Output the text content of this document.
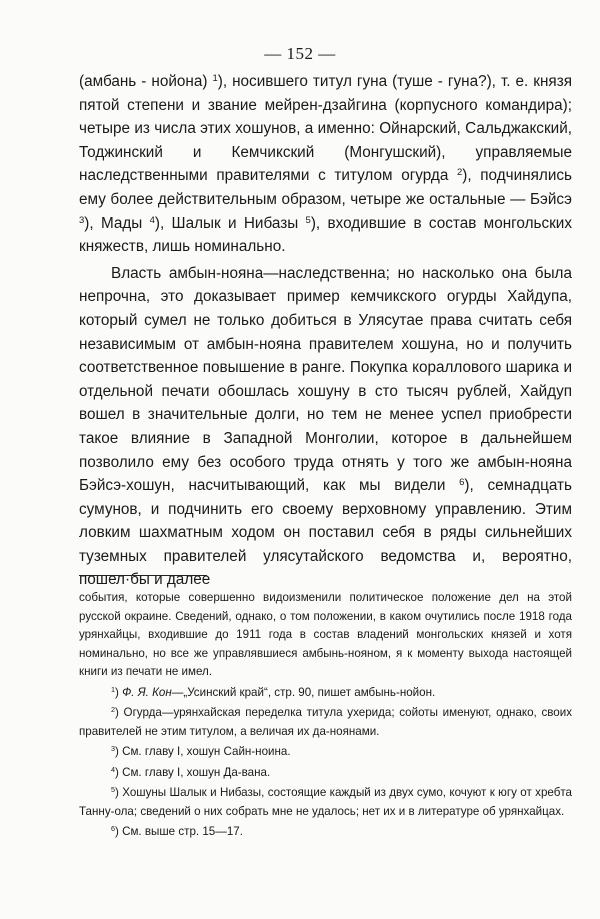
— 152 —

(амбань - нойона) $^1$), носившего титул гуна (туше - гуна?), т. е. князя пятой степени и звание мейрен-дзайгина (корпусного командира); четыре из числа этих хошунов, а именно: Ойнарский, Сальджакский, Тоджинский и Кемчикский (Монгушский), управляемые наследственными правителями с титулом огурда $^2$), подчинялись ему более действительным образом, четыре же остальные — Бэйсэ $^3$), Мады $^4$), Шалык и Нибазы $^5$), входившие в состав монгольских княжеств, лишь номинально.

Власть амбын-нояна—наследственна; но насколько она была непрочна, это доказывает пример кемчикского огурды Хайдупа, который сумел не только добиться в Улясутае права считать себя независимым от амбын-нояна правителем хошуна, но и получить соответственное повышение в ранге. Покупка кораллового шарика и отдельной печати обошлась хошуну в сто тысяч рублей, Хайдуп вошел в значительные долги, но тем не менее успел приобрести такое влияние в Западной Монголии, которое в дальнейшем позволило ему без особого труда отнять у того же амбын-нояна Бэйсэ-хошун, насчитывающий, как мы видели $^6$), семнадцать сумунов, и подчинить его своему верховному управлению. Этим ловким шахматным ходом он поставил себя в ряды сильнейших туземных правителей улясутайского ведомства и, вероятно, пошел·бы и далее

события, которые совершенно видоизменили политическое положение дел на этой русской окраине. Сведений, однако, о том положении, в каком очутились после 1918 года урянхайцы, входившие до 1911 года в состав владений монгольских князей и хотя номинально, но все же управлявшиеся амбынь-нояном, я к моменту выхода настоящей книги из печати не имел.

$^1$) Ф. Я. Кон—„Усинский край“, стр. 90, пишет амбынь-нойон.

$^2$) Огурда—урянхайская переделка титула ухерида; сойоты именуют, однако, своих правителей не этим титулом, а величая их да-ноянами.

$^3$) См. главу I, хошун Сайн-ноина.

$^4$) См. главу I, хошун Да-вана.

$^5$) Хошуны Шалык и Нибазы, состоящие каждый из двух сумо, кочуют к югу от хребта Танну-ола; сведений о них собрать мне не удалось; нет их и в литературе об урянхайцах.

$^6$) См. выше стр. 15—17.
